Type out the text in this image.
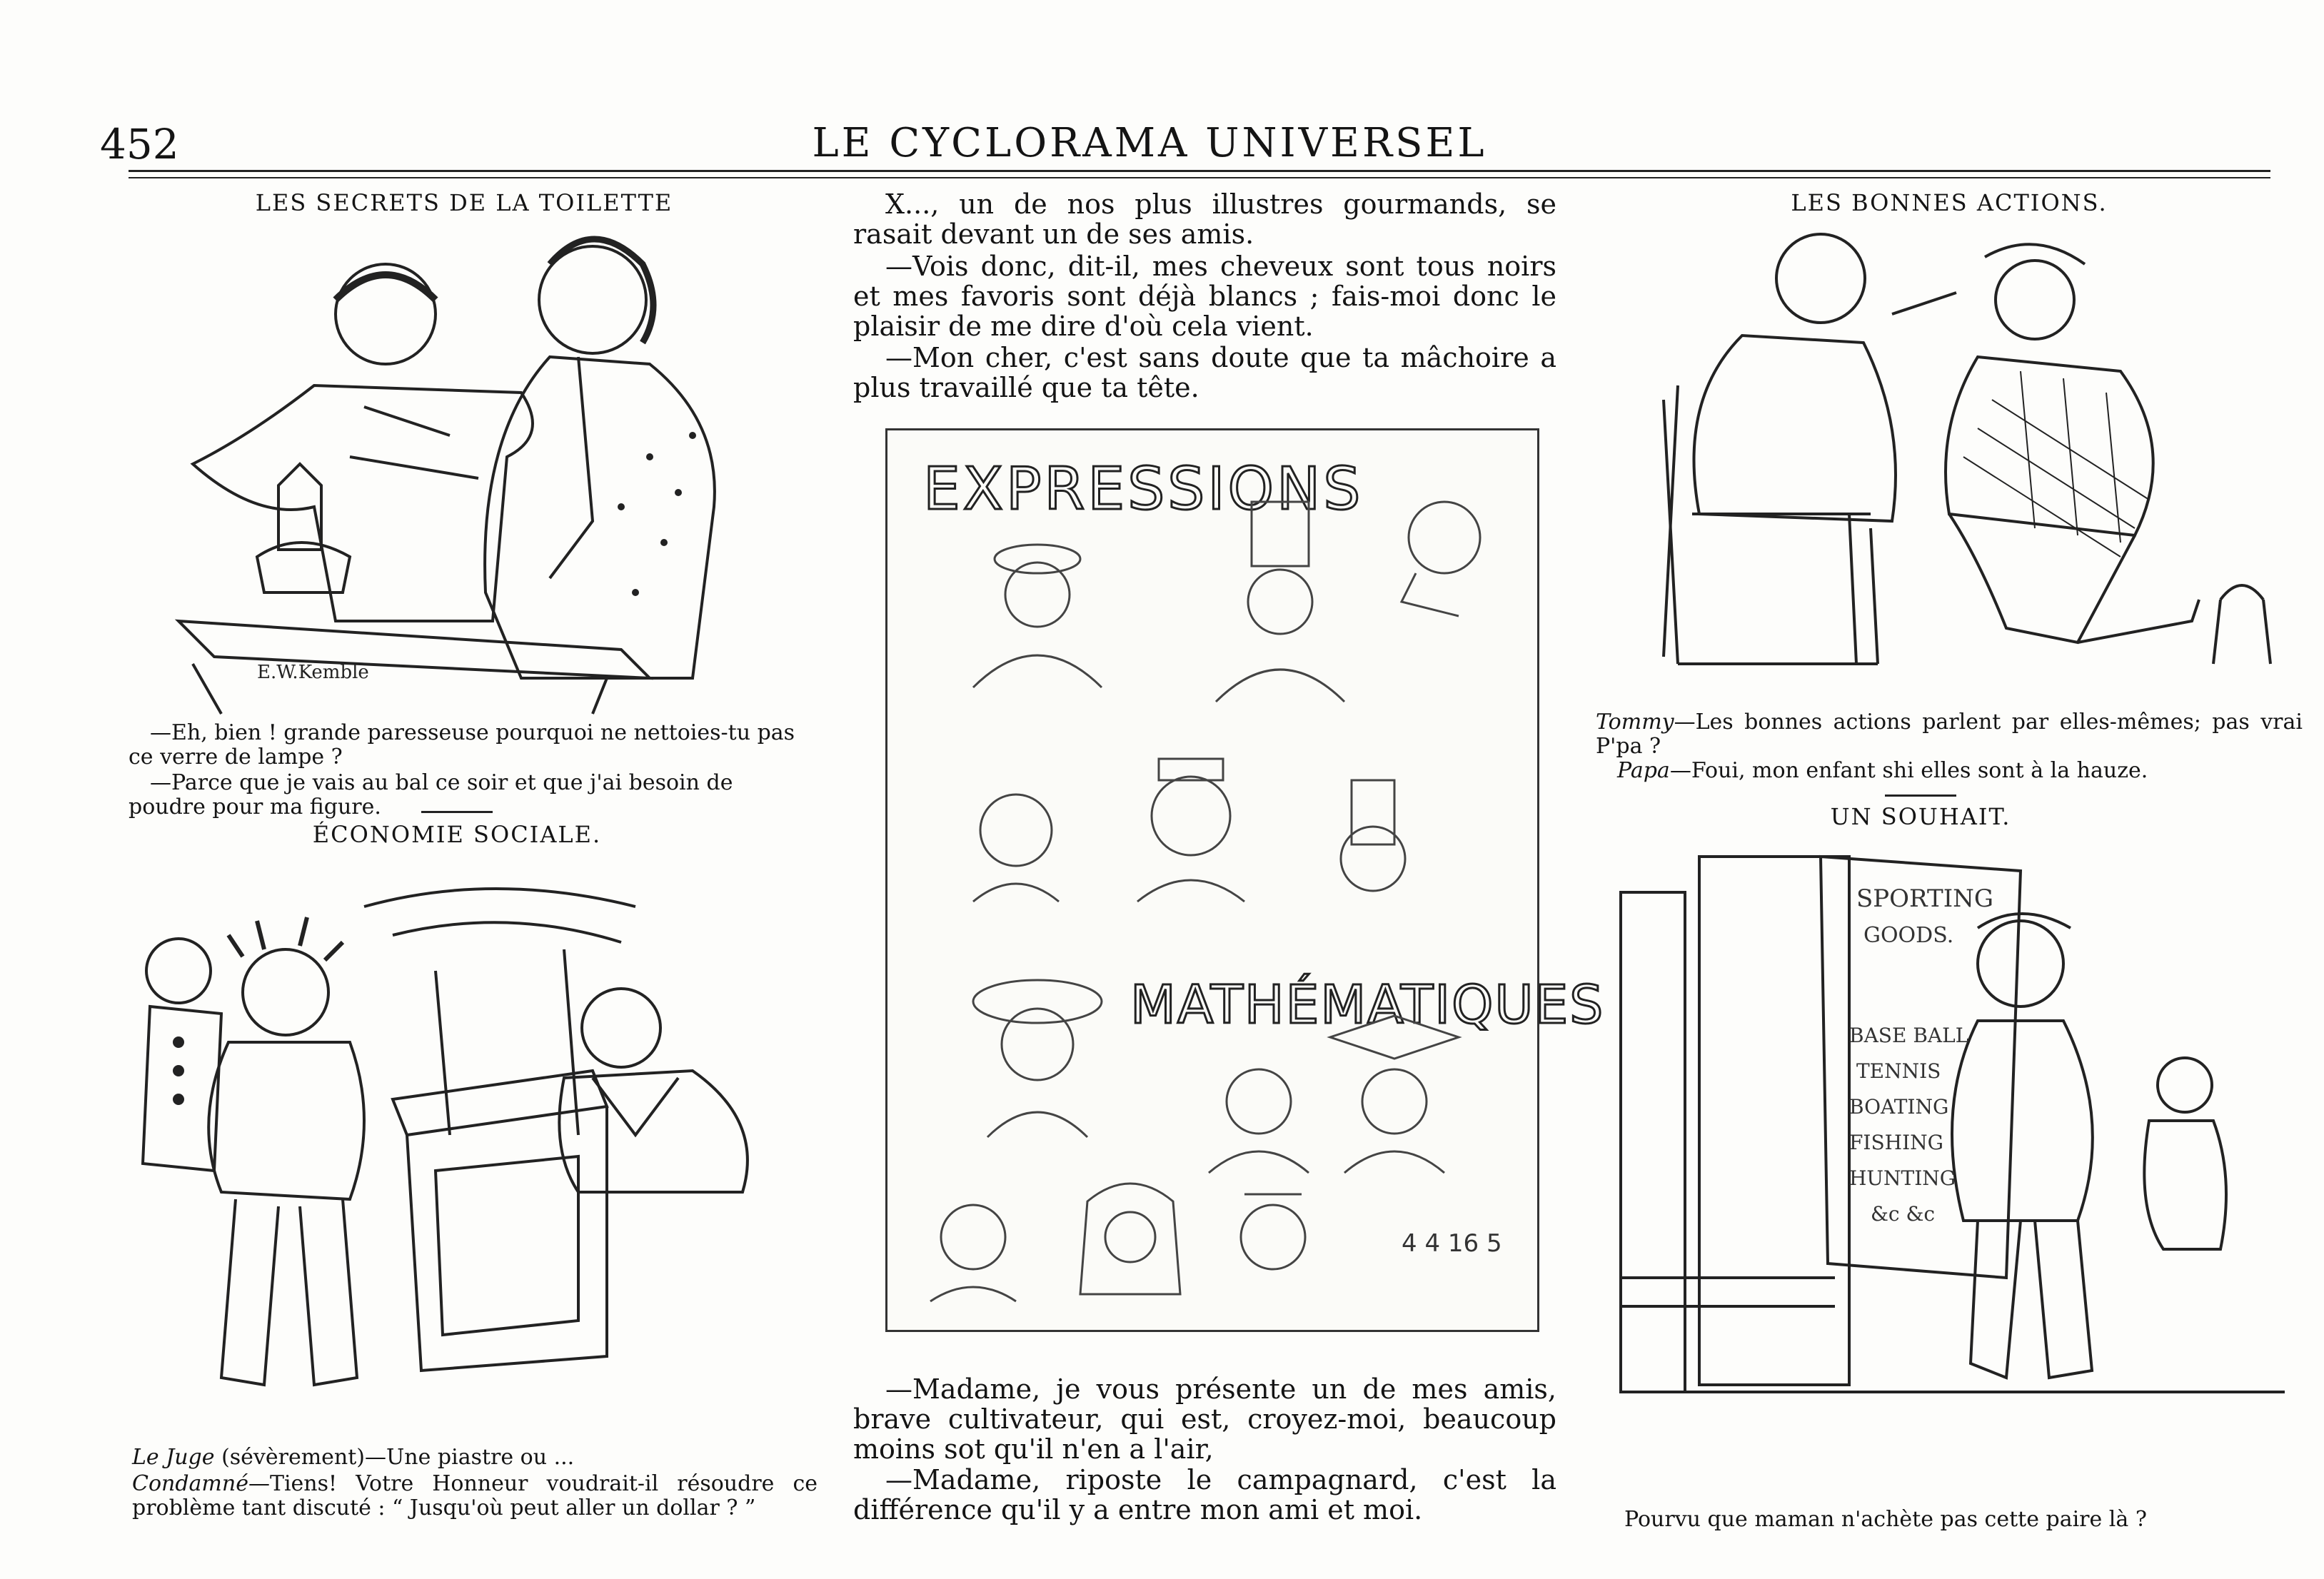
452	LE CYCLORAMA UNIVERSEL
LES SECRETS DE LA TOILETTE
E.W.Kemble
—Eh, bien ! grande paresseuse pourquoi ne nettoies-tu pas ce verre de lampe ?
—Parce que je vais au bal ce soir et que j'ai besoin de poudre pour ma figure.
ÉCONOMIE SOCIALE.
Le Juge (sévèrement)—Une piastre ou ...
Condamné—Tiens! Votre Honneur voudrait-il résoudre ce problème tant discuté : “ Jusqu'où peut aller un dollar ? ”
X..., un de nos plus illustres gourmands, se rasait devant un de ses amis.
—Vois donc, dit-il, mes cheveux sont tous noirs et mes favoris sont déjà blancs ; fais-moi donc le plaisir de me dire d'où cela vient.
—Mon cher, c'est sans doute que ta mâchoire a plus travaillé que ta tête.
EXPRESSIONS
MATHÉMATIQUES
4 4 16 5
—Madame, je vous présente un de mes amis, brave cultivateur, qui est, croyez-moi, beaucoup moins sot qu'il n'en a l'air,
—Madame, riposte le campagnard, c'est la différence qu'il y a entre mon ami et moi.
LES BONNES ACTIONS.
Tommy—Les bonnes actions parlent par elles-mêmes; pas vrai P'pa ?
Papa—Foui, mon enfant shi elles sont à la hauze.
UN SOUHAIT.
SPORTING
GOODS.
BASE BALL
TENNIS
BOATING
FISHING
HUNTING
&c &c
Pourvu que maman n'achète pas cette paire là ?
